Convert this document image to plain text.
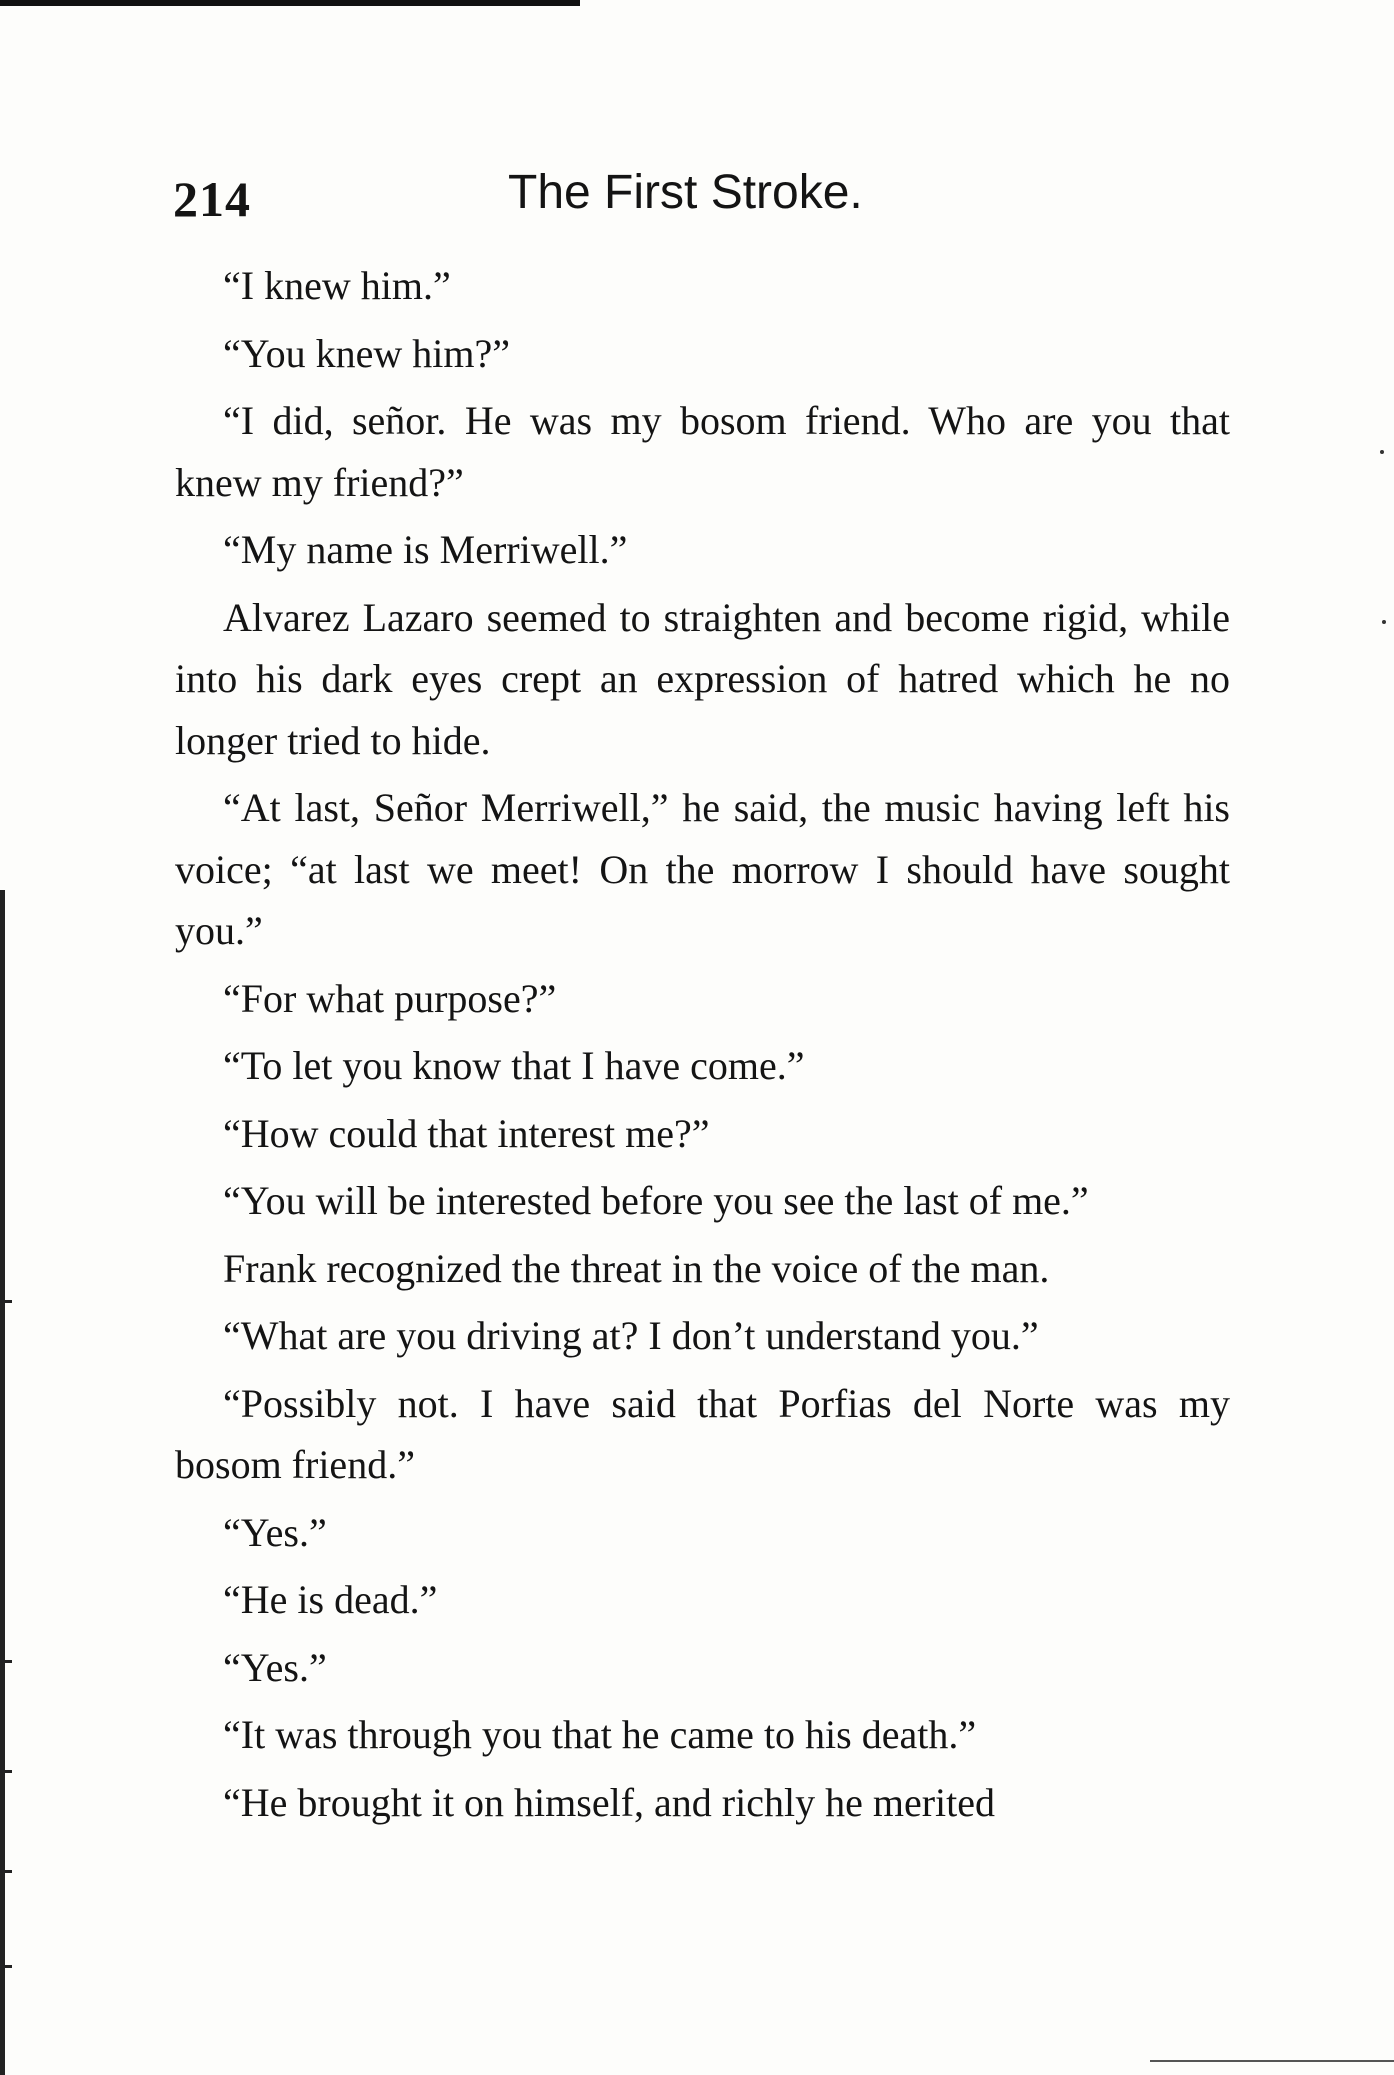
214	The First Stroke.

“I knew him.”

“You knew him?”

“I did, señor. He was my bosom friend. Who are you that knew my friend?”

“My name is Merriwell.”

Alvarez Lazaro seemed to straighten and become rigid, while into his dark eyes crept an expression of hatred which he no longer tried to hide.

“At last, Señor Merriwell,” he said, the music having left his voice; “at last we meet! On the morrow I should have sought you.”

“For what purpose?”

“To let you know that I have come.”

“How could that interest me?”

“You will be interested before you see the last of me.”

Frank recognized the threat in the voice of the man.

“What are you driving at? I don’t understand you.”

“Possibly not. I have said that Porfias del Norte was my bosom friend.”

“Yes.”

“He is dead.”

“Yes.”

“It was through you that he came to his death.”

“He brought it on himself, and richly he merited
